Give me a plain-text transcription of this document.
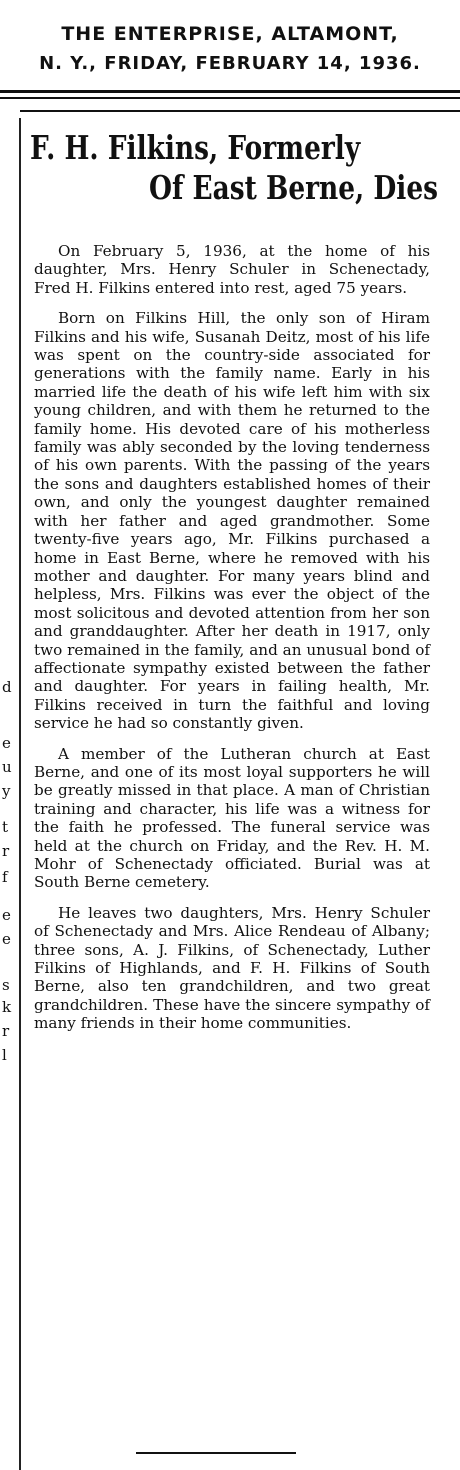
THE ENTERPRISE, ALTAMONT,
N. Y., FRIDAY, FEBRUARY 14, 1936.
d
e
u
y
t
r
f
e
e
s
k
r
l
F. H. Filkins, Formerly
Of East Berne, Dies

On February 5, 1936, at the home of his daughter, Mrs. Henry Schuler in Schenectady, Fred H. Filkins entered into rest, aged 75 years.

Born on Filkins Hill, the only son of Hiram Filkins and his wife, Susanah Deitz, most of his life was spent on the country-side associated for generations with the family name. Early in his married life the death of his wife left him with six young children, and with them he returned to the family home. His devoted care of his motherless family was ably seconded by the loving tenderness of his own parents. With the passing of the years the sons and daughters established homes of their own, and only the youngest daughter remained with her father and aged grandmother. Some twenty-five years ago, Mr. Filkins purchased a home in East Berne, where he removed with his mother and daughter. For many years blind and helpless, Mrs. Filkins was ever the object of the most solicitous and devoted attention from her son and granddaughter. After her death in 1917, only two remained in the family, and an unusual bond of affectionate sympathy existed between the father and daughter. For years in failing health, Mr. Filkins received in turn the faithful and loving service he had so constantly given.

A member of the Lutheran church at East Berne, and one of its most loyal supporters he will be greatly missed in that place. A man of Christian training and character, his life was a witness for the faith he professed. The funeral service was held at the church on Friday, and the Rev. H. M. Mohr of Schenectady officiated. Burial was at South Berne cemetery.

He leaves two daughters, Mrs. Henry Schuler of Schenectady and Mrs. Alice Rendeau of Albany; three sons, A. J. Filkins, of Schenectady, Luther Filkins of Highlands, and F. H. Filkins of South Berne, also ten grandchildren, and two great grandchildren. These have the sincere sympathy of many friends in their home communities.
